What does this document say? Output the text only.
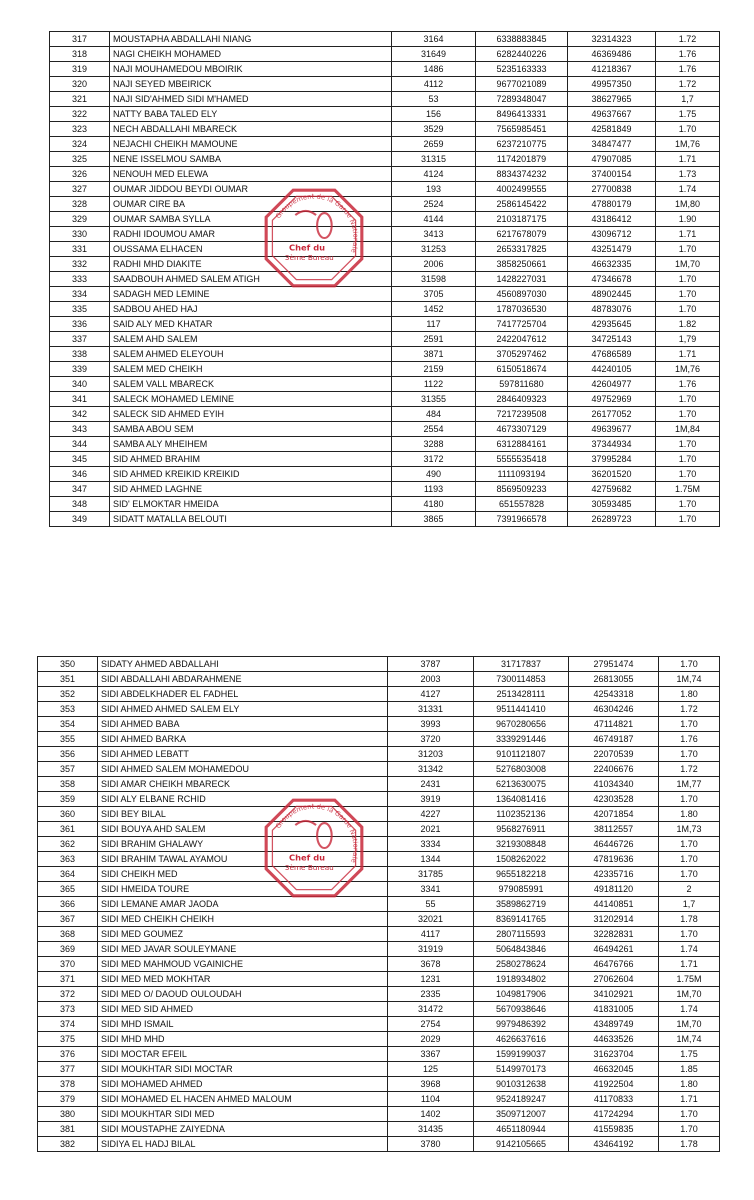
317	MOUSTAPHA ABDALLAHI NIANG	3164	6338883845	32314323	1.72
318	NAGI CHEIKH MOHAMED	31649	6282440226	46369486	1.76
319	NAJI MOUHAMEDOU MBOIRIK	1486	5235163333	41218367	1.76
320	NAJI SEYED MBEIRICK	4112	9677021089	49957350	1.72
321	NAJI SID'AHMED SIDI M'HAMED	53	7289348047	38627965	1,7
322	NATTY BABA TALED ELY	156	8496413331	49637667	1.75
323	NECH ABDALLAHI MBARECK	3529	7565985451	42581849	1.70
324	NEJACHI CHEIKH MAMOUNE	2659	6237210775	34847477	1M,76
325	NENE ISSELMOU SAMBA	31315	1174201879	47907085	1.71
326	NENOUH MED ELEWA	4124	8834374232	37400154	1.73
327	OUMAR JIDDOU BEYDI OUMAR	193	4002499555	27700838	1.74
328	OUMAR CIRE BA	2524	2586145422	47880179	1M,80
329	OUMAR SAMBA SYLLA	4144	2103187175	43186412	1.90
330	RADHI IDOUMOU AMAR	3413	6217678079	43096712	1.71
331	OUSSAMA ELHACEN	31253	2653317825	43251479	1.70
332	RADHI MHD DIAKITE	2006	3858250661	46632335	1M,70
333	SAADBOUH AHMED SALEM ATIGH	31598	1428227031	47346678	1.70
334	SADAGH MED LEMINE	3705	4560897030	48902445	1.70
335	SADBOU AHED HAJ	1452	1787036530	48783076	1.70
336	SAID ALY MED KHATAR	117	7417725704	42935645	1.82
337	SALEM AHD SALEM	2591	2422047612	34725143	1,79
338	SALEM AHMED ELEYOUH	3871	3705297462	47686589	1.71
339	SALEM MED CHEIKH	2159	6150518674	44240105	1M,76
340	SALEM VALL MBARECK	1122	597811680	42604977	1.76
341	SALECK MOHAMED LEMINE	31355	2846409323	49752969	1.70
342	SALECK SID AHMED EYIH	484	7217239508	26177052	1.70
343	SAMBA ABOU SEM	2554	4673307129	49639677	1M,84
344	SAMBA ALY MHEIHEM	3288	6312884161	37344934	1.70
345	SID AHMED BRAHIM	3172	5555535418	37995284	1.70
346	SID AHMED KREIKID KREIKID	490	1111093194	36201520	1.70
347	SID AHMED LAGHNE	1193	8569509233	42759682	1.75M
348	SID' ELMOKTAR HMEIDA	4180	651557828	30593485	1.70
349	SIDATT MATALLA BELOUTI	3865	7391966578	26289723	1.70
350	SIDATY AHMED ABDALLAHI	3787	31717837	27951474	1.70
351	SIDI ABDALLAHI ABDARAHMENE	2003	7300114853	26813055	1M,74
352	SIDI ABDELKHADER EL FADHEL	4127	2513428111	42543318	1.80
353	SIDI AHMED AHMED SALEM ELY	31331	9511441410	46304246	1.72
354	SIDI AHMED BABA	3993	9670280656	47114821	1.70
355	SIDI AHMED BARKA	3720	3339291446	46749187	1.76
356	SIDI AHMED LEBATT	31203	9101121807	22070539	1.70
357	SIDI AHMED SALEM MOHAMEDOU	31342	5276803008	22406676	1.72
358	SIDI AMAR CHEIKH MBARECK	2431	6213630075	41034340	1M,77
359	SIDI ALY ELBANE RCHID	3919	1364081416	42303528	1.70
360	SIDI BEY BILAL	4227	1102352136	42071854	1.80
361	SIDI BOUYA AHD SALEM	2021	9568276911	38112557	1M,73
362	SIDI BRAHIM GHALAWY	3334	3219308848	46446726	1.70
363	SIDI BRAHIM TAWAL AYAMOU	1344	1508262022	47819636	1.70
364	SIDI CHEIKH MED	31785	9655182218	42335716	1.70
365	SIDI HMEIDA TOURE	3341	979085991	49181120	2
366	SIDI LEMANE AMAR JAODA	55	3589862719	44140851	1,7
367	SIDI MED CHEIKH CHEIKH	32021	8369141765	31202914	1.78
368	SIDI MED GOUMEZ	4117	2807115593	32282831	1.70
369	SIDI MED JAVAR SOULEYMANE	31919	5064843846	46494261	1.74
370	SIDI MED MAHMOUD VGAINICHE	3678	2580278624	46476766	1.71
371	SIDI MED MED MOKHTAR	1231	1918934802	27062604	1.75M
372	SIDI MED O/ DAOUD OULOUDAH	2335	1049817906	34102921	1M,70
373	SIDI MED SID AHMED	31472	5670938646	41831005	1.74
374	SIDI MHD ISMAIL	2754	9979486392	43489749	1M,70
375	SIDI MHD MHD	2029	4626637616	44633526	1M,74
376	SIDI MOCTAR EFEIL	3367	1599199037	31623704	1.75
377	SIDI MOUKHTAR SIDI MOCTAR	125	5149970173	46632045	1.85
378	SIDI MOHAMED AHMED	3968	9010312638	41922504	1.80
379	SIDI MOHAMED EL HACEN AHMED MALOUM	1104	9524189247	41170833	1.71
380	SIDI MOUKHTAR SIDI MED	1402	3509712007	41724294	1.70
381	SIDI MOUSTAPHE ZAIYEDNA	31435	4651180944	41559835	1.70
382	SIDIYA EL HADJ BILAL	3780	9142105665	43464192	1.78
Groupement de la Garde Nationale
Chef du
3ème Bureau
Groupement de la Garde Nationale
Chef du
3ème Bureau
